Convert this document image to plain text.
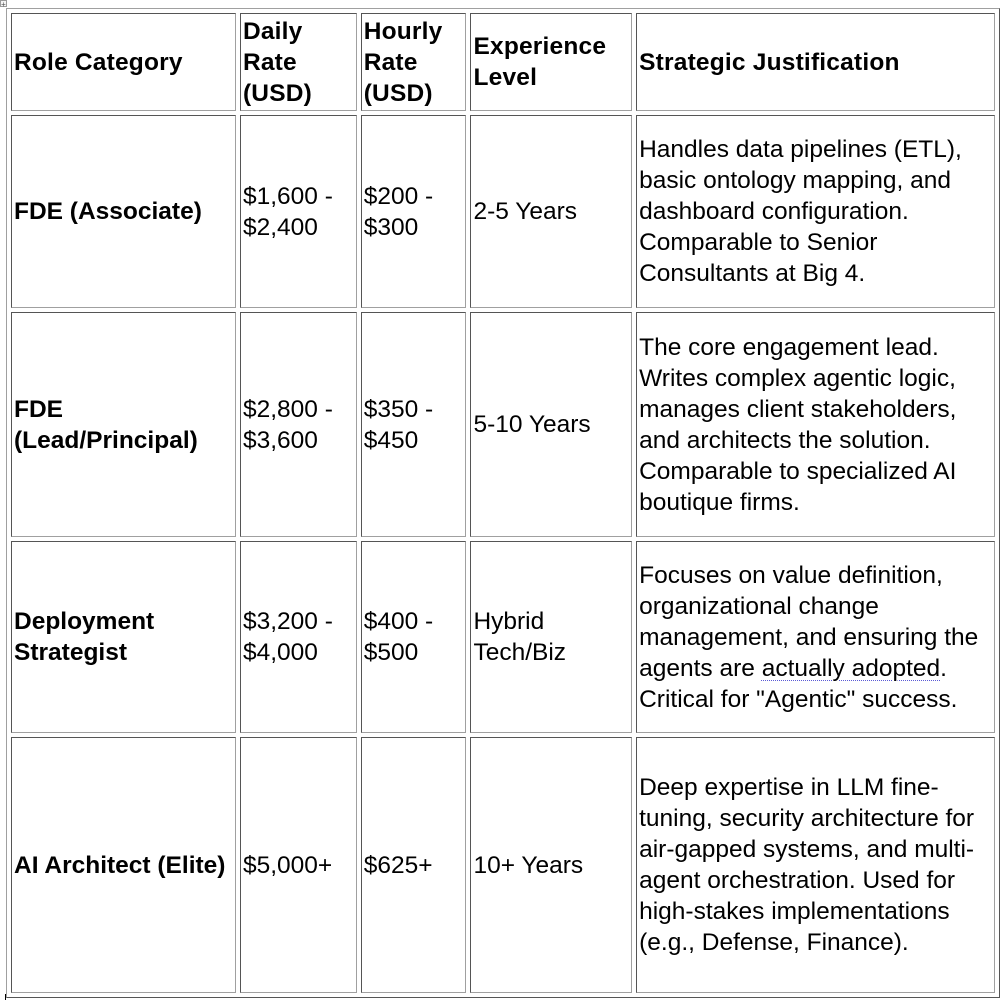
+
Role Category	Daily Rate (USD)	Hourly Rate (USD)	Experience Level	Strategic Justification
FDE (Associate)	$1,600 - $2,400	$200 - $300	2-5 Years	Handles data pipelines (ETL), basic ontology mapping, and dashboard configuration. Comparable to Senior Consultants at Big 4.
FDE (Lead/Principal)	$2,800 - $3,600	$350 - $450	5-10 Years	The core engagement lead. Writes complex agentic logic, manages client stakeholders, and architects the solution. Comparable to specialized AI boutique firms.
Deployment Strategist	$3,200 - $4,000	$400 - $500	Hybrid Tech/Biz	Focuses on value definition, organizational change management, and ensuring the agents are actually adopted. Critical for "Agentic" success.
AI Architect (Elite)	$5,000+	$625+	10+ Years	Deep expertise in LLM fine-tuning, security architecture for air-gapped systems, and multi-agent orchestration. Used for high-stakes implementations (e.g., Defense, Finance).
